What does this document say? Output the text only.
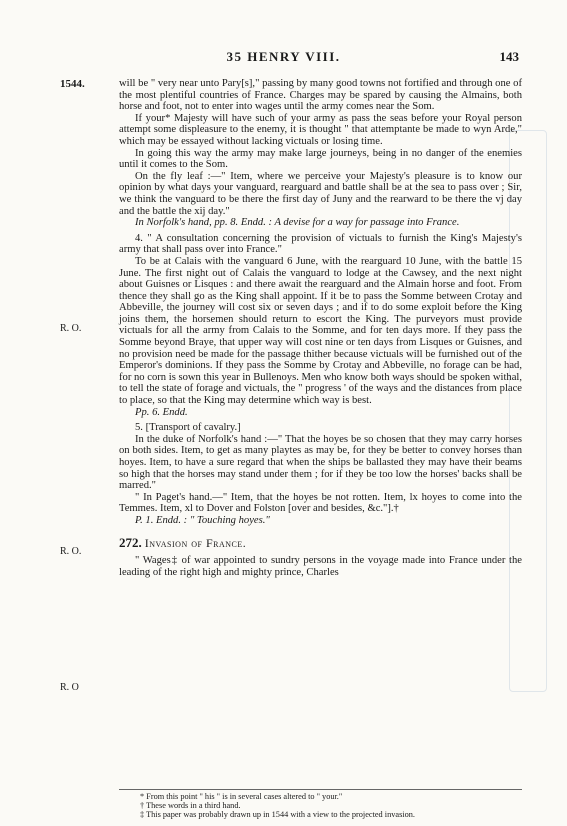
35 HENRY VIII.	143
1544.
R. O.
R. O.
R. O

will be " very near unto Pary[s]," passing by many good towns not fortified and through one of the most plentiful countries of France. Charges may be spared by causing the Almains, both horse and foot, not to enter into wages until the army comes near the Som.

If your* Majesty will have such of your army as pass the seas before your Royal person attempt some displeasure to the enemy, it is thought " that attemptante be made to wyn Arde," which may be essayed without lacking victuals or losing time.

In going this way the army may make large journeys, being in no danger of the enemies until it comes to the Som.

On the fly leaf :—" Item, where we perceive your Majesty's pleasure is to know our opinion by what days your vanguard, rearguard and battle shall be at the sea to pass over ; Sir, we think the vanguard to be there the first day of Juny and the rearward to be there the vj day and the battle the xij day."

In Norfolk's hand, pp. 8. Endd. : A devise for a way for passage into France.

4. " A consultation concerning the provision of victuals to furnish the King's Majesty's army that shall pass over into France."

To be at Calais with the vanguard 6 June, with the rearguard 10 June, with the battle 15 June. The first night out of Calais the vanguard to lodge at the Cawsey, and the next night about Guisnes or Lisques : and there await the rearguard and the Almain horse and foot. From thence they shall go as the King shall appoint. If it be to pass the Somme between Crotay and Abbeville, the journey will cost six or seven days ; and if to do some exploit before the King joins them, the horsemen should return to escort the King. The purveyors must provide victuals for all the army from Calais to the Somme, and for ten days more. If they pass the Somme beyond Braye, that upper way will cost nine or ten days from Lisques or Guisnes, and no provision need be made for the passage thither because victuals will be furnished out of the Emperor's dominions. If they pass the Somme by Crotay and Abbeville, no forage can be had, for no corn is sown this year in Bullenoys. Men who know both ways should be spoken withal, to tell the state of forage and victuals, the " progress ' of the ways and the distances from place to place, so that the King may determine which way is best.

Pp. 6. Endd.

5. [Transport of cavalry.]

In the duke of Norfolk's hand :—" That the hoyes be so chosen that they may carry horses on both sides. Item, to get as many playtes as may be, for they be better to convey horses than hoyes. Item, to have a sure regard that when the ships be ballasted they may have their beams so high that the horses may stand under them ; for if they be too low the horses' backs shall be marred."

" In Paget's hand.—" Item, that the hoyes be not rotten. Item, lx hoyes to come into the Temmes. Item, xl to Dover and Folston [over and besides, &c."].†

P. 1. Endd. : " Touching hoyes."

272. Invasion of France.

" Wages‡ of war appointed to sundry persons in the voyage made into France under the leading of the right high and mighty prince, Charles

* From this point " his " is in several cases altered to " your."

† These words in a third hand.

‡ This paper was probably drawn up in 1544 with a view to the projected invasion.
